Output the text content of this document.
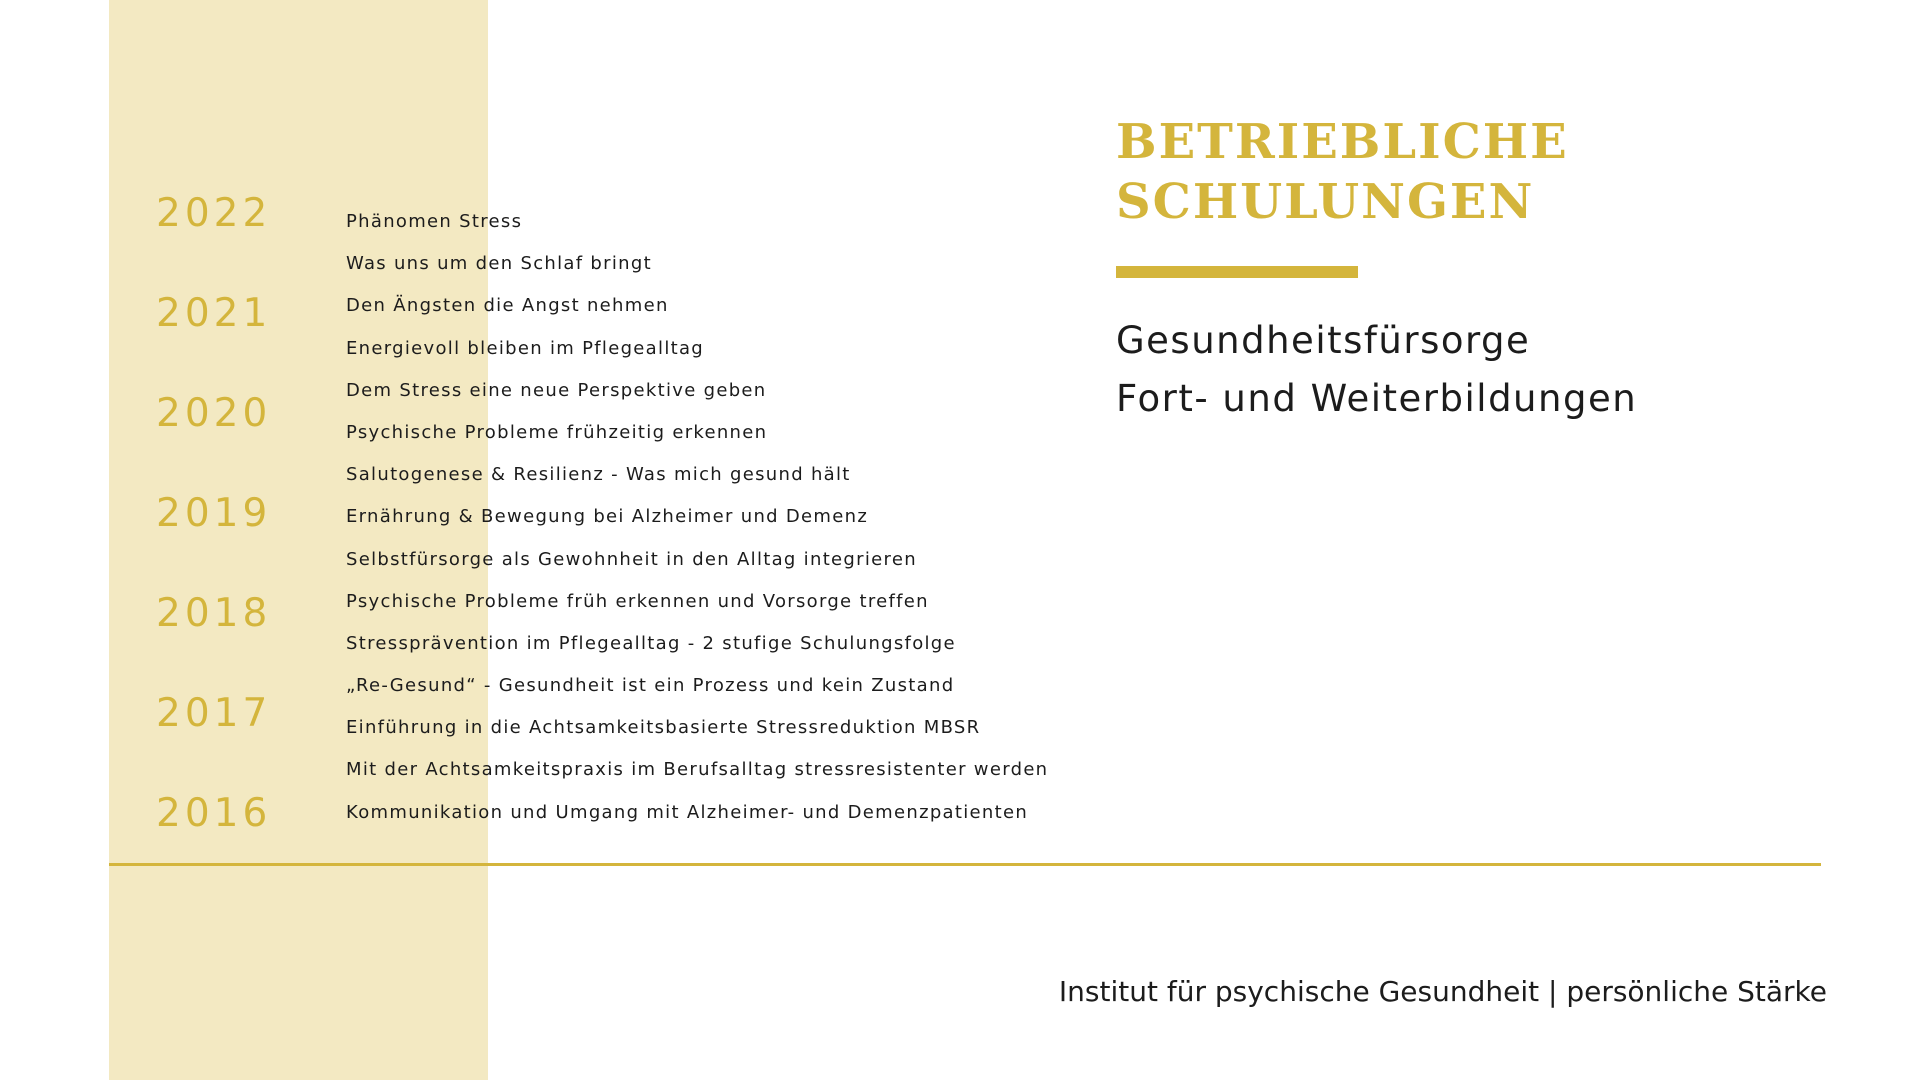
2022
2021
2020
2019
2018
2017
2016
Phänomen Stress
Was uns um den Schlaf bringt
Den Ängsten die Angst nehmen
Energievoll bleiben im Pflegealltag
Dem Stress eine neue Perspektive geben
Psychische Probleme frühzeitig erkennen
Salutogenese & Resilienz - Was mich gesund hält
Ernährung & Bewegung bei Alzheimer und Demenz
Selbstfürsorge als Gewohnheit in den Alltag integrieren
Psychische Probleme früh erkennen und Vorsorge treffen
Stressprävention im Pflegealltag - 2 stufige Schulungsfolge
„Re-Gesund“ - Gesundheit ist ein Prozess und kein Zustand
Einführung in die Achtsamkeitsbasierte Stressreduktion MBSR
Mit der Achtsamkeitspraxis im Berufsalltag stressresistenter werden
Kommunikation und Umgang mit Alzheimer- und Demenzpatienten
BETRIEBLICHE
SCHULUNGEN
Gesundheitsfürsorge
Fort- und Weiterbildungen
Institut für psychische Gesundheit | persönliche Stärke
